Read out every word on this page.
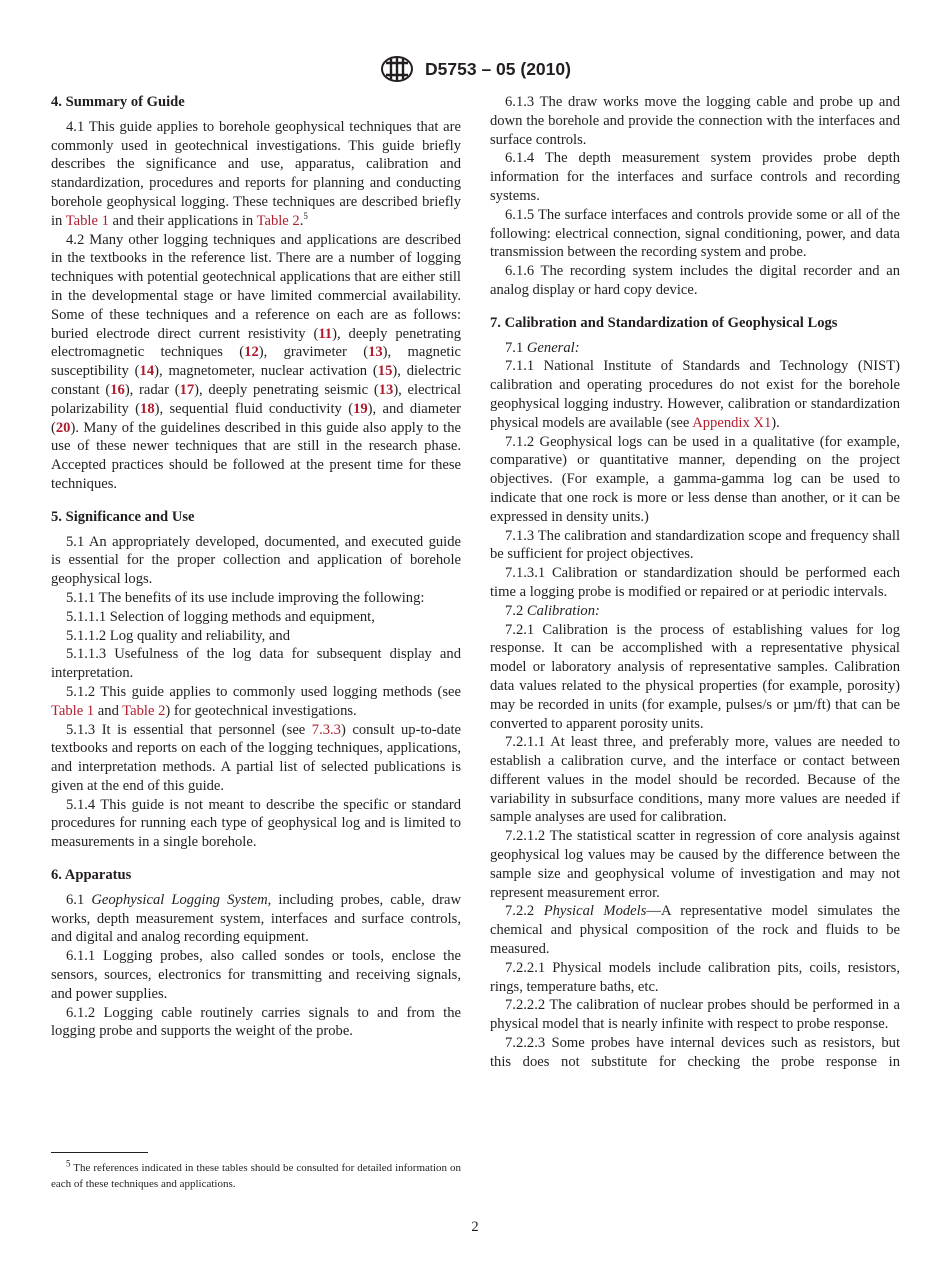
D5753 – 05 (2010)
4. Summary of Guide
4.1 This guide applies to borehole geophysical techniques that are commonly used in geotechnical investigations. This guide briefly describes the significance and use, apparatus, calibration and standardization, procedures and reports for planning and conducting borehole geophysical logging. These techniques are described briefly in Table 1 and their applications in Table 2.$^5$
4.2 Many other logging techniques and applications are described in the textbooks in the reference list. There are a number of logging techniques with potential geotechnical applications that are either still in the developmental stage or have limited commercial availability. Some of these techniques and a reference on each are as follows: buried electrode direct current resistivity (11), deeply penetrating electromagnetic techniques (12), gravimeter (13), magnetic susceptibility (14), magnetometer, nuclear activation (15), dielectric constant (16), radar (17), deeply penetrating seismic (13), electrical polarizability (18), sequential fluid conductivity (19), and diameter (20). Many of the guidelines described in this guide also apply to the use of these newer techniques that are still in the research phase. Accepted practices should be followed at the present time for these techniques.
5. Significance and Use
5.1 An appropriately developed, documented, and executed guide is essential for the proper collection and application of borehole geophysical logs.
5.1.1 The benefits of its use include improving the following:
5.1.1.1 Selection of logging methods and equipment,
5.1.1.2 Log quality and reliability, and
5.1.1.3 Usefulness of the log data for subsequent display and interpretation.
5.1.2 This guide applies to commonly used logging methods (see Table 1 and Table 2) for geotechnical investigations.
5.1.3 It is essential that personnel (see 7.3.3) consult up-to-date textbooks and reports on each of the logging techniques, applications, and interpretation methods. A partial list of selected publications is given at the end of this guide.
5.1.4 This guide is not meant to describe the specific or standard procedures for running each type of geophysical log and is limited to measurements in a single borehole.
6. Apparatus
6.1 Geophysical Logging System, including probes, cable, draw works, depth measurement system, interfaces and surface controls, and digital and analog recording equipment.
6.1.1 Logging probes, also called sondes or tools, enclose the sensors, sources, electronics for transmitting and receiving signals, and power supplies.
6.1.2 Logging cable routinely carries signals to and from the logging probe and supports the weight of the probe.
6.1.3 The draw works move the logging cable and probe up and down the borehole and provide the connection with the interfaces and surface controls.
6.1.4 The depth measurement system provides probe depth information for the interfaces and surface controls and recording systems.
6.1.5 The surface interfaces and controls provide some or all of the following: electrical connection, signal conditioning, power, and data transmission between the recording system and probe.
6.1.6 The recording system includes the digital recorder and an analog display or hard copy device.
7. Calibration and Standardization of Geophysical Logs
7.1 General:
7.1.1 National Institute of Standards and Technology (NIST) calibration and operating procedures do not exist for the borehole geophysical logging industry. However, calibration or standardization physical models are available (see Appendix X1).
7.1.2 Geophysical logs can be used in a qualitative (for example, comparative) or quantitative manner, depending on the project objectives. (For example, a gamma-gamma log can be used to indicate that one rock is more or less dense than another, or it can be expressed in density units.)
7.1.3 The calibration and standardization scope and frequency shall be sufficient for project objectives.
7.1.3.1 Calibration or standardization should be performed each time a logging probe is modified or repaired or at periodic intervals.
7.2 Calibration:
7.2.1 Calibration is the process of establishing values for log response. It can be accomplished with a representative physical model or laboratory analysis of representative samples. Calibration data values related to the physical properties (for example, porosity) may be recorded in units (for example, pulses/s or µm/ft) that can be converted to apparent porosity units.
7.2.1.1 At least three, and preferably more, values are needed to establish a calibration curve, and the interface or contact between different values in the model should be recorded. Because of the variability in subsurface conditions, many more values are needed if sample analyses are used for calibration.
7.2.1.2 The statistical scatter in regression of core analysis against geophysical log values may be caused by the difference between the sample size and geophysical volume of investigation and may not represent measurement error.
7.2.2 Physical Models—A representative model simulates the chemical and physical composition of the rock and fluids to be measured.
7.2.2.1 Physical models include calibration pits, coils, resistors, rings, temperature baths, etc.
7.2.2.2 The calibration of nuclear probes should be performed in a physical model that is nearly infinite with respect to probe response.
7.2.2.3 Some probes have internal devices such as resistors, but this does not substitute for checking the probe response in
$^5$ The references indicated in these tables should be consulted for detailed information on each of these techniques and applications.
2
